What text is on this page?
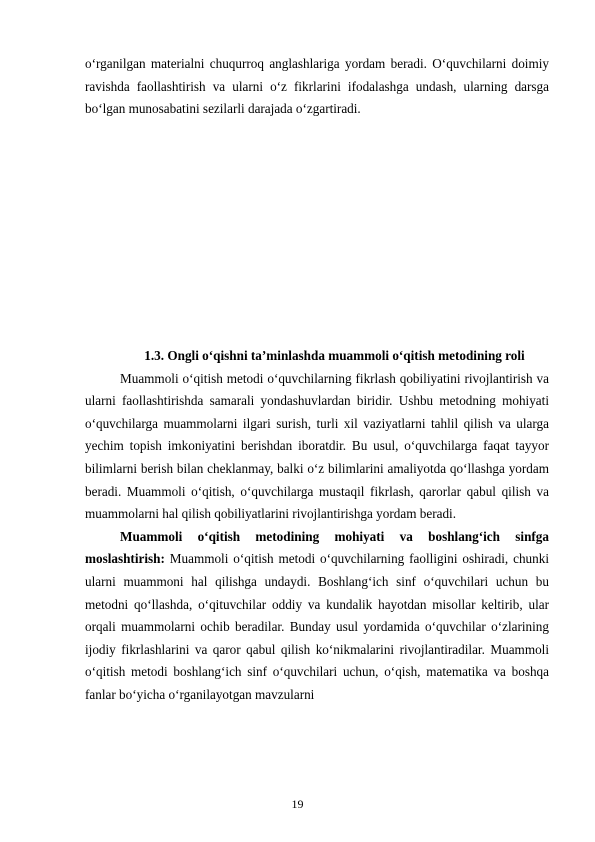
o‘rganilgan materialni chuqurroq anglashlariga yordam beradi. O‘quvchilarni doimiy ravishda faollashtirish va ularni o‘z fikrlarini ifodalashga undash, ularning darsga bo‘lgan munosabatini sezilarli darajada o‘zgartiradi.

1.3. Ongli o‘qishni ta’minlashda muammoli o‘qitish metodining roli

Muammoli o‘qitish metodi o‘quvchilarning fikrlash qobiliyatini rivojlantirish va ularni faollashtirishda samarali yondashuvlardan biridir. Ushbu metodning mohiyati o‘quvchilarga muammolarni ilgari surish, turli xil vaziyatlarni tahlil qilish va ularga yechim topish imkoniyatini berishdan iboratdir. Bu usul, o‘quvchilarga faqat tayyor bilimlarni berish bilan cheklanmay, balki o‘z bilimlarini amaliyotda qo‘llashga yordam beradi. Muammoli o‘qitish, o‘quvchilarga mustaqil fikrlash, qarorlar qabul qilish va muammolarni hal qilish qobiliyatlarini rivojlantirishga yordam beradi.

Muammoli o‘qitish metodining mohiyati va boshlang‘ich sinfga moslashtirish: Muammoli o‘qitish metodi o‘quvchilarning faolligini oshiradi, chunki ularni muammoni hal qilishga undaydi. Boshlang‘ich sinf o‘quvchilari uchun bu metodni qo‘llashda, o‘qituvchilar oddiy va kundalik hayotdan misollar keltirib, ular orqali muammolarni ochib beradilar. Bunday usul yordamida o‘quvchilar o‘zlarining ijodiy fikrlashlarini va qaror qabul qilish ko‘nikmalarini rivojlantiradilar. Muammoli o‘qitish metodi boshlang‘ich sinf o‘quvchilari uchun, o‘qish, matematika va boshqa fanlar bo‘yicha o‘rganilayotgan mavzularni

19
